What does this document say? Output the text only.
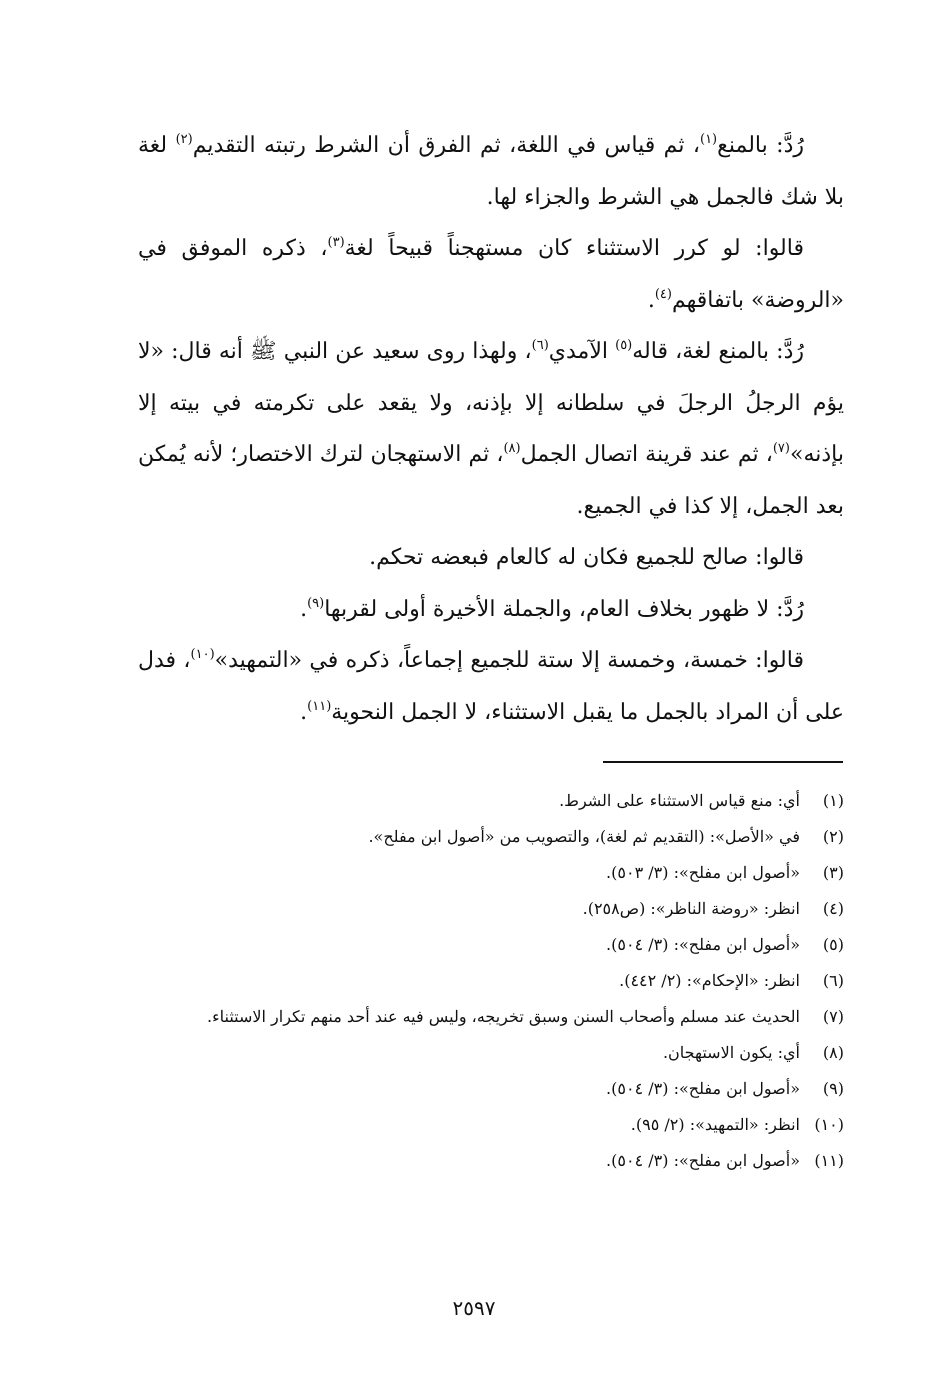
رُدَّ: بالمنع$^{(١)}$، ثم قياس في اللغة، ثم الفرق أن الشرط رتبته التقديم$^{(٢)}$ لغة بلا شك فالجمل هي الشرط والجزاء لها.

قالوا: لو كرر الاستثناء كان مستهجناً قبيحاً لغة$^{(٣)}$، ذكره الموفق في «الروضة» باتفاقهم$^{(٤)}$.

رُدَّ: بالمنع لغة، قاله$^{(٥)}$ الآمدي$^{(٦)}$، ولهذا روى سعيد عن النبي ﷺ أنه قال: «لا يؤم الرجلُ الرجلَ في سلطانه إلا بإذنه، ولا يقعد على تكرمته في بيته إلا بإذنه»$^{(٧)}$، ثم عند قرينة اتصال الجمل$^{(٨)}$، ثم الاستهجان لترك الاختصار؛ لأنه يُمكن بعد الجمل، إلا كذا في الجميع.

قالوا: صالح للجميع فكان له كالعام فبعضه تحكم.

رُدَّ: لا ظهور بخلاف العام، والجملة الأخيرة أولى لقربها$^{(٩)}$.

قالوا: خمسة، وخمسة إلا ستة للجميع إجماعاً، ذكره في «التمهيد»$^{(١٠)}$، فدل على أن المراد بالجمل ما يقبل الاستثناء، لا الجمل النحوية$^{(١١)}$.

(١)
أي: منع قياس الاستثناء على الشرط.
(٢)
في «الأصل»: (التقديم ثم لغة)، والتصويب من «أصول ابن مفلح».
(٣)
«أصول ابن مفلح»: (٣/ ٥٠٣).
(٤)
انظر: «روضة الناظر»: (ص٢٥٨).
(٥)
«أصول ابن مفلح»: (٣/ ٥٠٤).
(٦)
انظر: «الإحكام»: (٢/ ٤٤٢).
(٧)
الحديث عند مسلم وأصحاب السنن وسبق تخريجه، وليس فيه عند أحد منهم تكرار الاستثناء.
(٨)
أي: يكون الاستهجان.
(٩)
«أصول ابن مفلح»: (٣/ ٥٠٤).
(١٠)
انظر: «التمهيد»: (٢/ ٩٥).
(١١)
«أصول ابن مفلح»: (٣/ ٥٠٤).
٢٥٩٧
